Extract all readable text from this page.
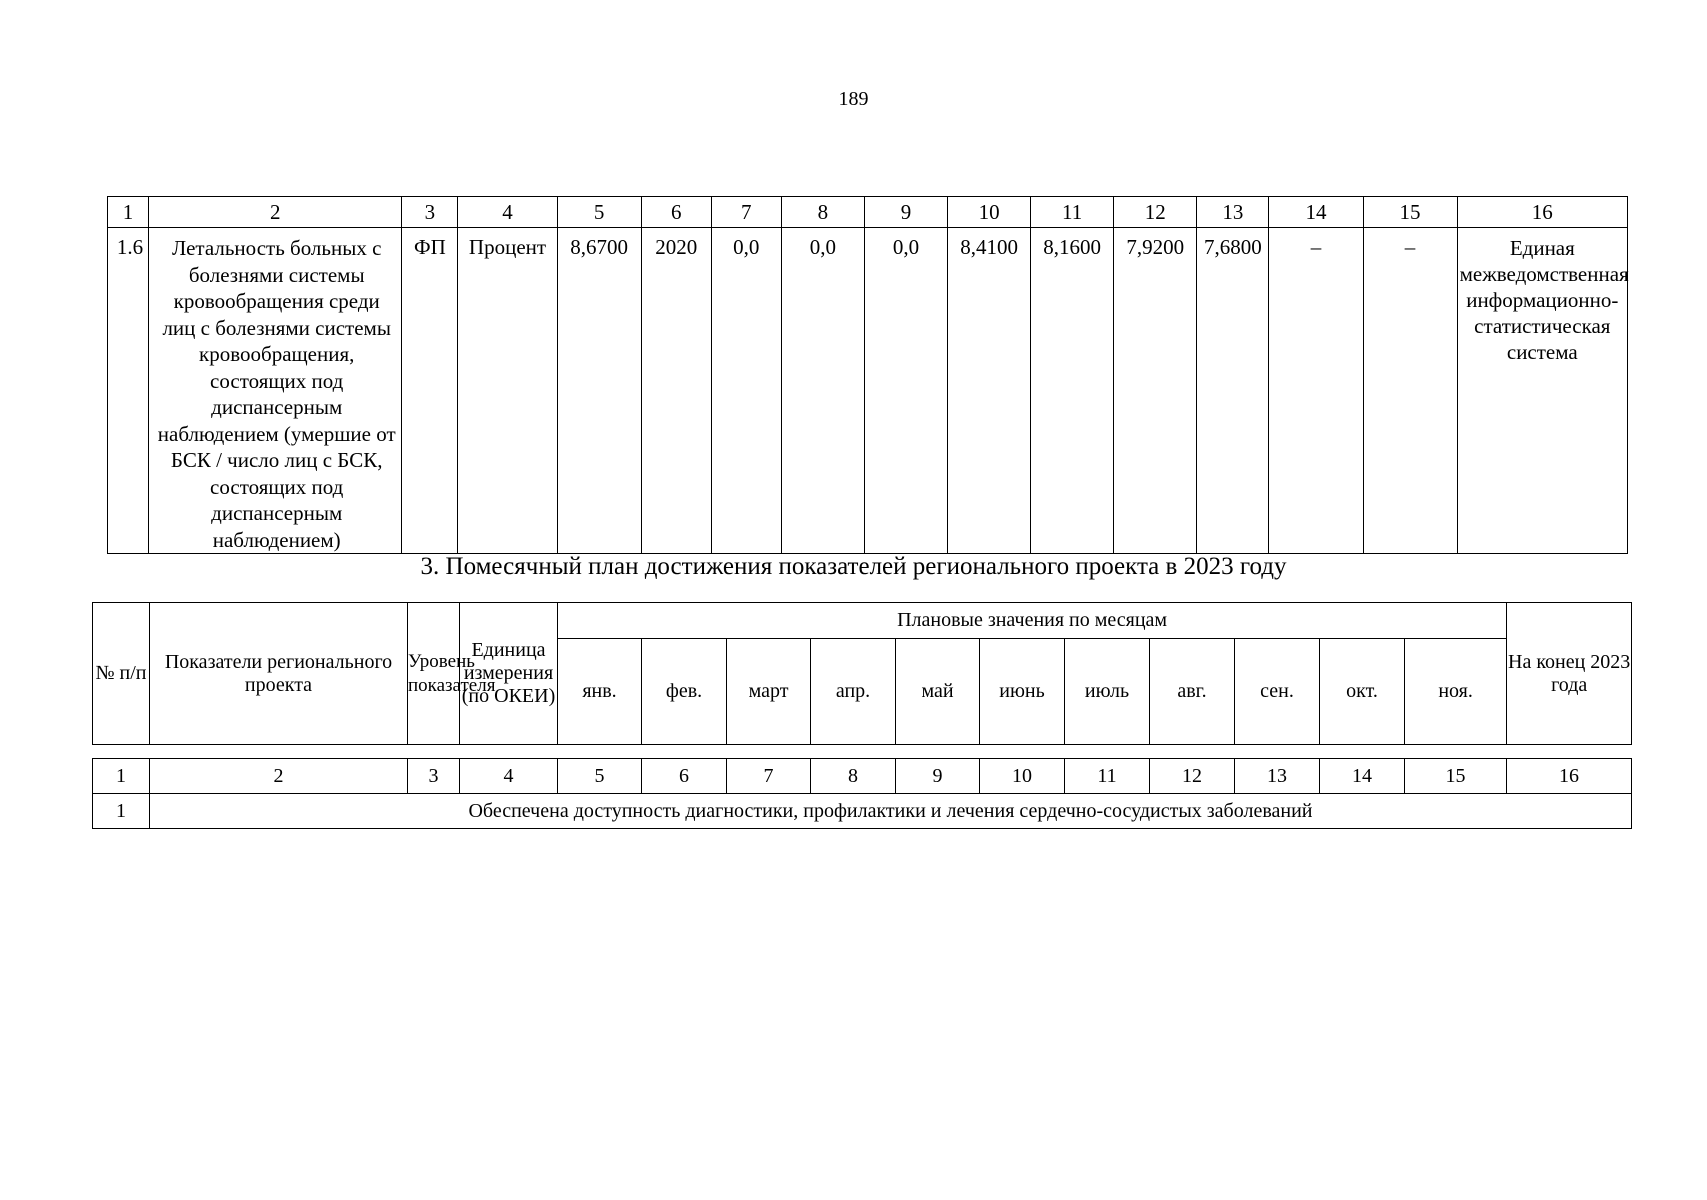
189
1	2	3	4	5	6	7	8	9	10	11	12	13	14	15	16
1.6	Летальность больных с болезнями системы кровообращения среди лиц с болезнями системы кровообращения, состоящих под диспансерным наблюдением (умершие от БСК / число лиц с БСК, состоящих под диспансерным наблюдением)	ФП	Процент	8,6700	2020	0,0	0,0	0,0	8,4100	8,1600	7,9200	7,6800	–	–	Единая межведомственная информационно-статистическая система
3. Помесячный план достижения показателей регионального проекта в 2023 году
№ п/п	Показатели регионального проекта	Уровень показателя	Единица измерения (по ОКЕИ)	Плановые значения по месяцам											На конец 2023 года
				янв.	фев.	март	апр.	май	июнь	июль	авг.	сен.	окт.	ноя.	
1	2	3	4	5	6	7	8	9	10	11	12	13	14	15	16
1	Обеспечена доступность диагностики, профилактики и лечения сердечно-сосудистых заболеваний														
